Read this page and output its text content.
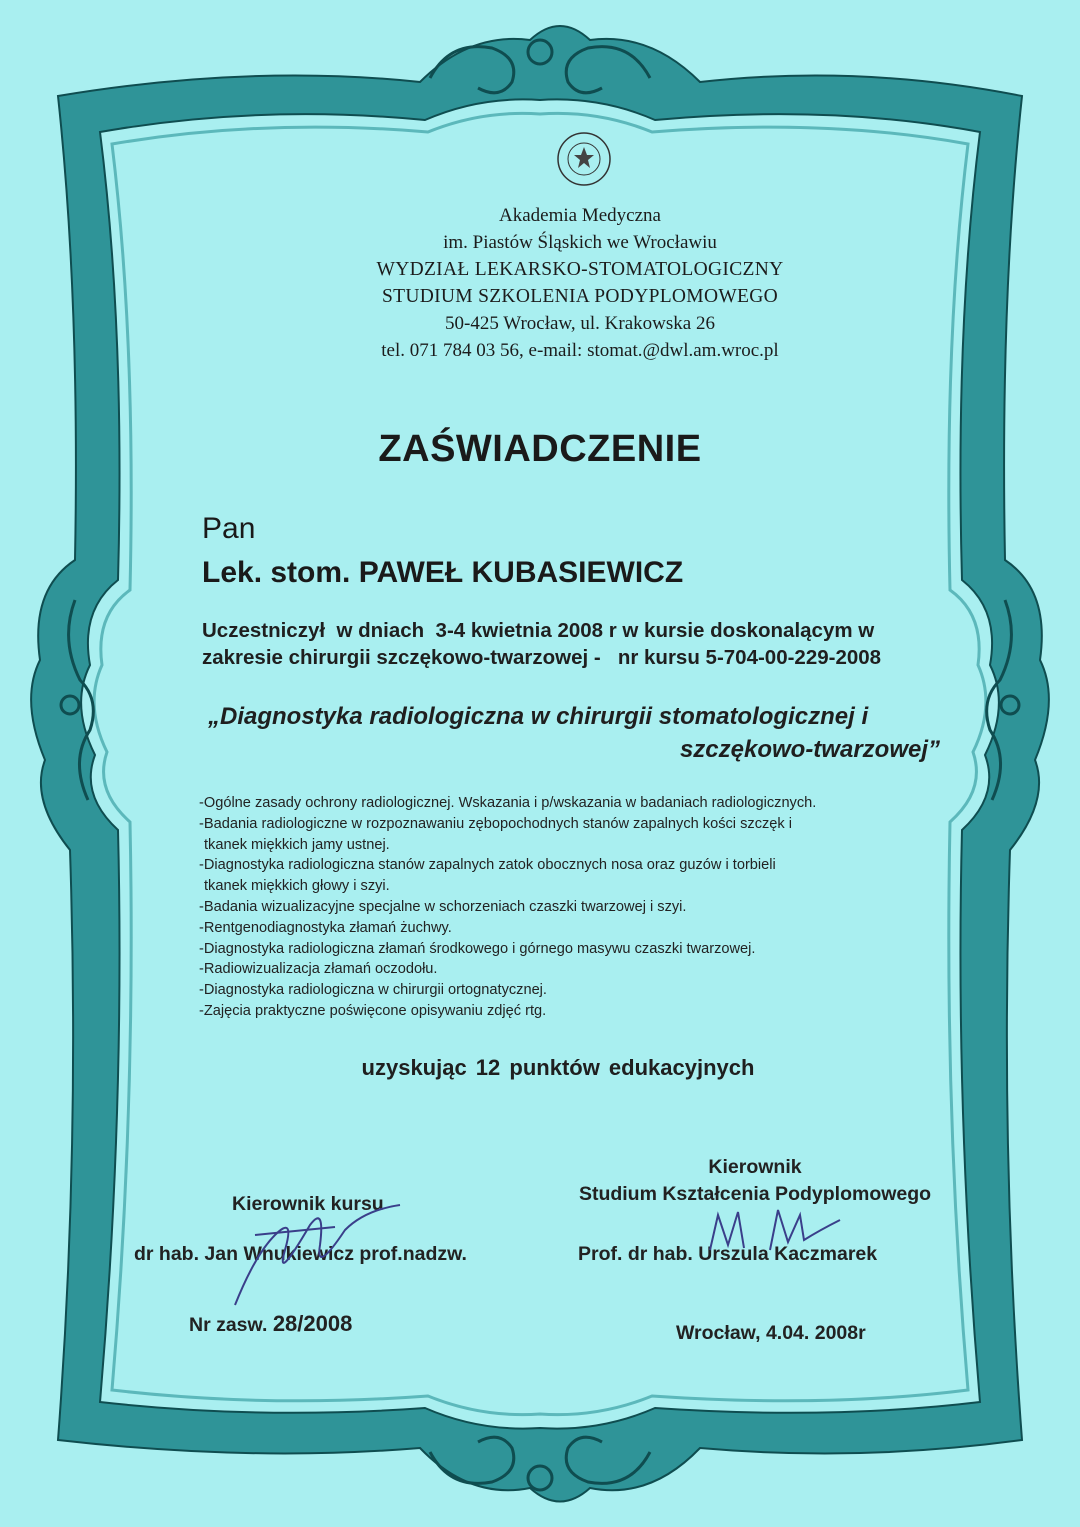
Akademia Medyczna
im. Piastów Śląskich we Wrocławiu
WYDZIAŁ LEKARSKO-STOMATOLOGICZNY
STUDIUM SZKOLENIA PODYPLOMOWEGO
50-425 Wrocław, ul. Krakowska 26
tel. 071 784 03 56, e-mail: stomat.@dwl.am.wroc.pl
ZAŚWIADCZENIE
Pan
Lek. stom. PAWEŁ KUBASIEWICZ
Uczestniczył  w dniach  3-4 kwietnia 2008 r w kursie doskonalącym w
zakresie chirurgii szczękowo-twarzowej -   nr kursu 5-704-00-229-2008
„Diagnostyka radiologiczna w chirurgii stomatologicznej i
szczękowo-twarzowej”
-Ogólne zasady ochrony radiologicznej. Wskazania i p/wskazania w badaniach radiologicznych.
-Badania radiologiczne w rozpoznawaniu zębopochodnych stanów zapalnych kości szczęk i
tkanek miękkich jamy ustnej.
-Diagnostyka radiologiczna stanów zapalnych zatok obocznych nosa oraz guzów i torbieli
tkanek miękkich głowy i szyi.
-Badania wizualizacyjne specjalne w schorzeniach czaszki twarzowej i szyi.
-Rentgenodiagnostyka złamań żuchwy.
-Diagnostyka radiologiczna złamań środkowego i górnego masywu czaszki twarzowej.
-Radiowizualizacja złamań oczodołu.
-Diagnostyka radiologiczna w chirurgii ortognatycznej.
-Zajęcia praktyczne poświęcone opisywaniu zdjęć rtg.
uzyskując 12 punktów edukacyjnych
Kierownik kursu
dr hab. Jan Wnukiewicz prof.nadzw.
Kierownik
Studium Kształcenia Podyplomowego
Prof. dr hab. Urszula Kaczmarek
Nr zasw. 28/2008	Wrocław, 4.04. 2008r
